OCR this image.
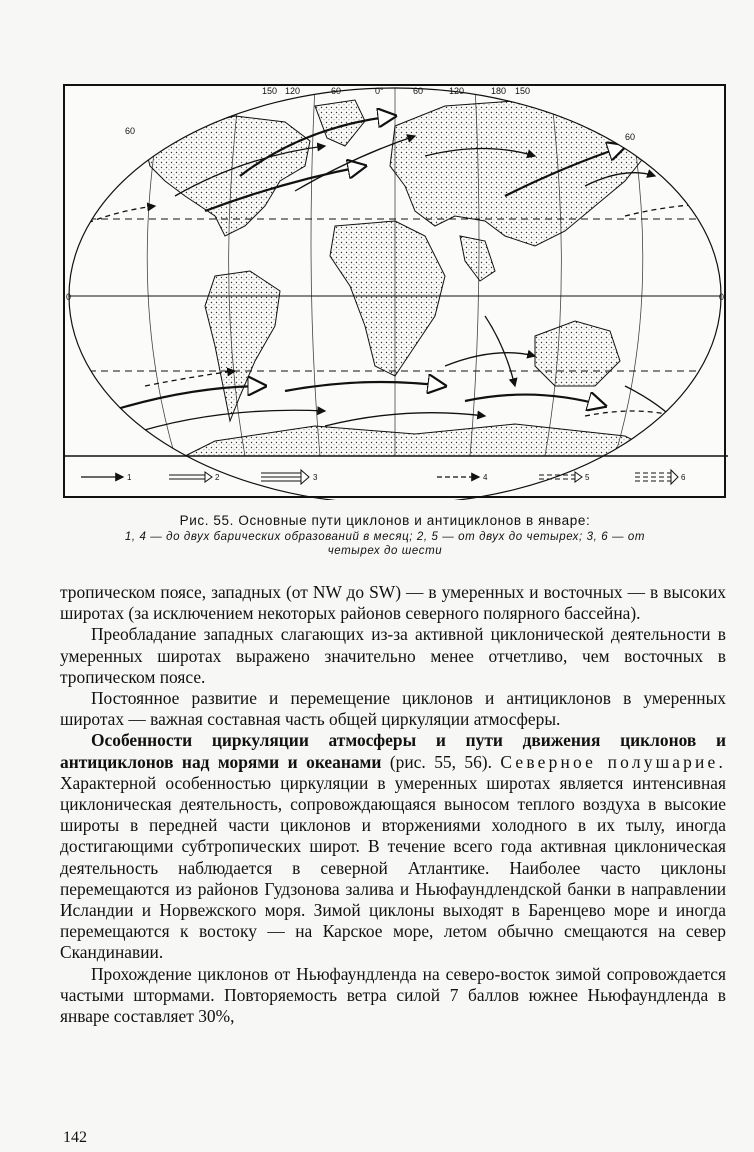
150 120	60	0°	60	120	180 150
60
60
0	0
1	2	3	4	5	6
Рис. 55. Основные пути циклонов и антициклонов в январе:
1, 4 — до двух барических образований в месяц; 2, 5 — от двух до четырех; 3, 6 — от
четырех до шести

тропическом поясе, западных (от NW до SW) — в умеренных и восточных — в высоких широтах (за исключением некоторых районов северного полярного бассейна).

Преобладание западных слагающих из-за активной циклонической деятельности в умеренных широтах выражено значительно менее отчетливо, чем восточных в тропическом поясе.

Постоянное развитие и перемещение циклонов и антициклонов в умеренных широтах — важная составная часть общей циркуляции атмосферы.

Особенности циркуляции атмосферы и пути движения циклонов и антициклонов над морями и океанами (рис. 55, 56). Северное полушарие. Характерной особенностью циркуляции в умеренных широтах является интенсивная циклоническая деятельность, сопровождающаяся выносом теплого воздуха в высокие широты в передней части циклонов и вторжениями холодного в их тылу, иногда достигающими субтропических широт. В течение всего года активная циклоническая деятельность наблюдается в северной Атлантике. Наиболее часто циклоны перемещаются из районов Гудзонова залива и Ньюфаундлендской банки в направлении Исландии и Норвежского моря. Зимой циклоны выходят в Баренцево море и иногда перемещаются к востоку — на Карское море, летом обычно смещаются на север Скандинавии.

Прохождение циклонов от Ньюфаундленда на северо-восток зимой сопровождается частыми штормами. Повторяемость ветра силой 7 баллов южнее Ньюфаундленда в январе составляет 30%,

142
